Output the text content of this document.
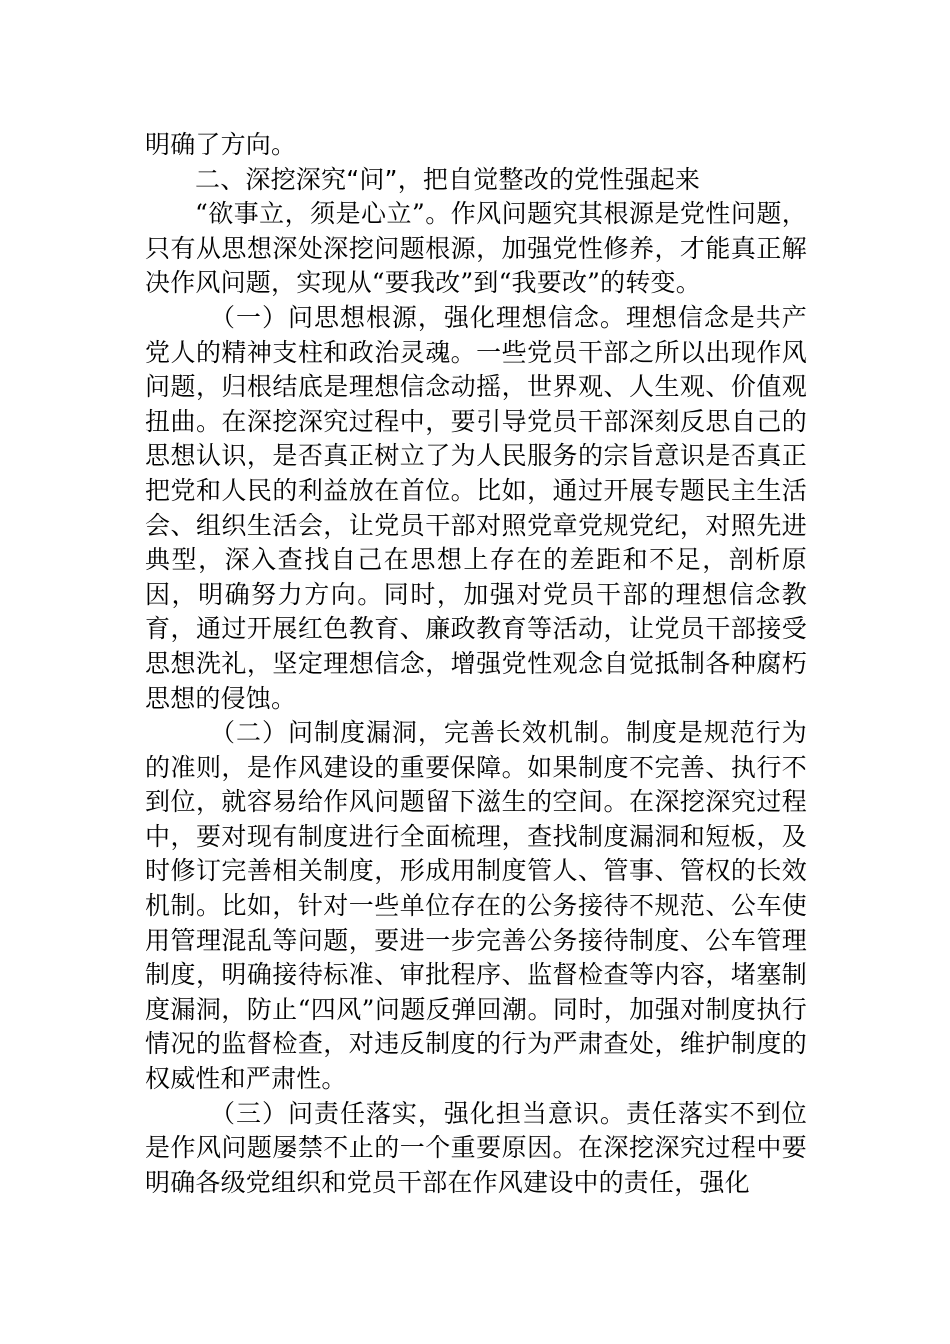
明确了方向。

二、深挖深究“问”，把自觉整改的党性强起来

“欲事立，须是心立”。作风问题究其根源是党性问题，只有从思想深处深挖问题根源，加强党性修养，才能真正解决作风问题，实现从“要我改”到“我要改”的转变。

（一）问思想根源，强化理想信念。理想信念是共产党人的精神支柱和政治灵魂。一些党员干部之所以出现作风问题，归根结底是理想信念动摇，世界观、人生观、价值观扭曲。在深挖深究过程中，要引导党员干部深刻反思自己的思想认识，是否真正树立了为人民服务的宗旨意识是否真正把党和人民的利益放在首位。比如，通过开展专题民主生活会、组织生活会，让党员干部对照党章党规党纪，对照先进典型，深入查找自己在思想上存在的差距和不足，剖析原因，明确努力方向。同时，加强对党员干部的理想信念教育，通过开展红色教育、廉政教育等活动，让党员干部接受思想洗礼，坚定理想信念，增强党性观念自觉抵制各种腐朽思想的侵蚀。

（二）问制度漏洞，完善长效机制。制度是规范行为的准则，是作风建设的重要保障。如果制度不完善、执行不到位，就容易给作风问题留下滋生的空间。在深挖深究过程中，要对现有制度进行全面梳理，查找制度漏洞和短板，及时修订完善相关制度，形成用制度管人、管事、管权的长效机制。比如，针对一些单位存在的公务接待不规范、公车使用管理混乱等问题，要进一步完善公务接待制度、公车管理制度，明确接待标准、审批程序、监督检查等内容，堵塞制度漏洞，防止“四风”问题反弹回潮。同时，加强对制度执行情况的监督检查，对违反制度的行为严肃查处，维护制度的权威性和严肃性。

（三）问责任落实，强化担当意识。责任落实不到位是作风问题屡禁不止的一个重要原因。在深挖深究过程中要明确各级党组织和党员干部在作风建设中的责任，强化
